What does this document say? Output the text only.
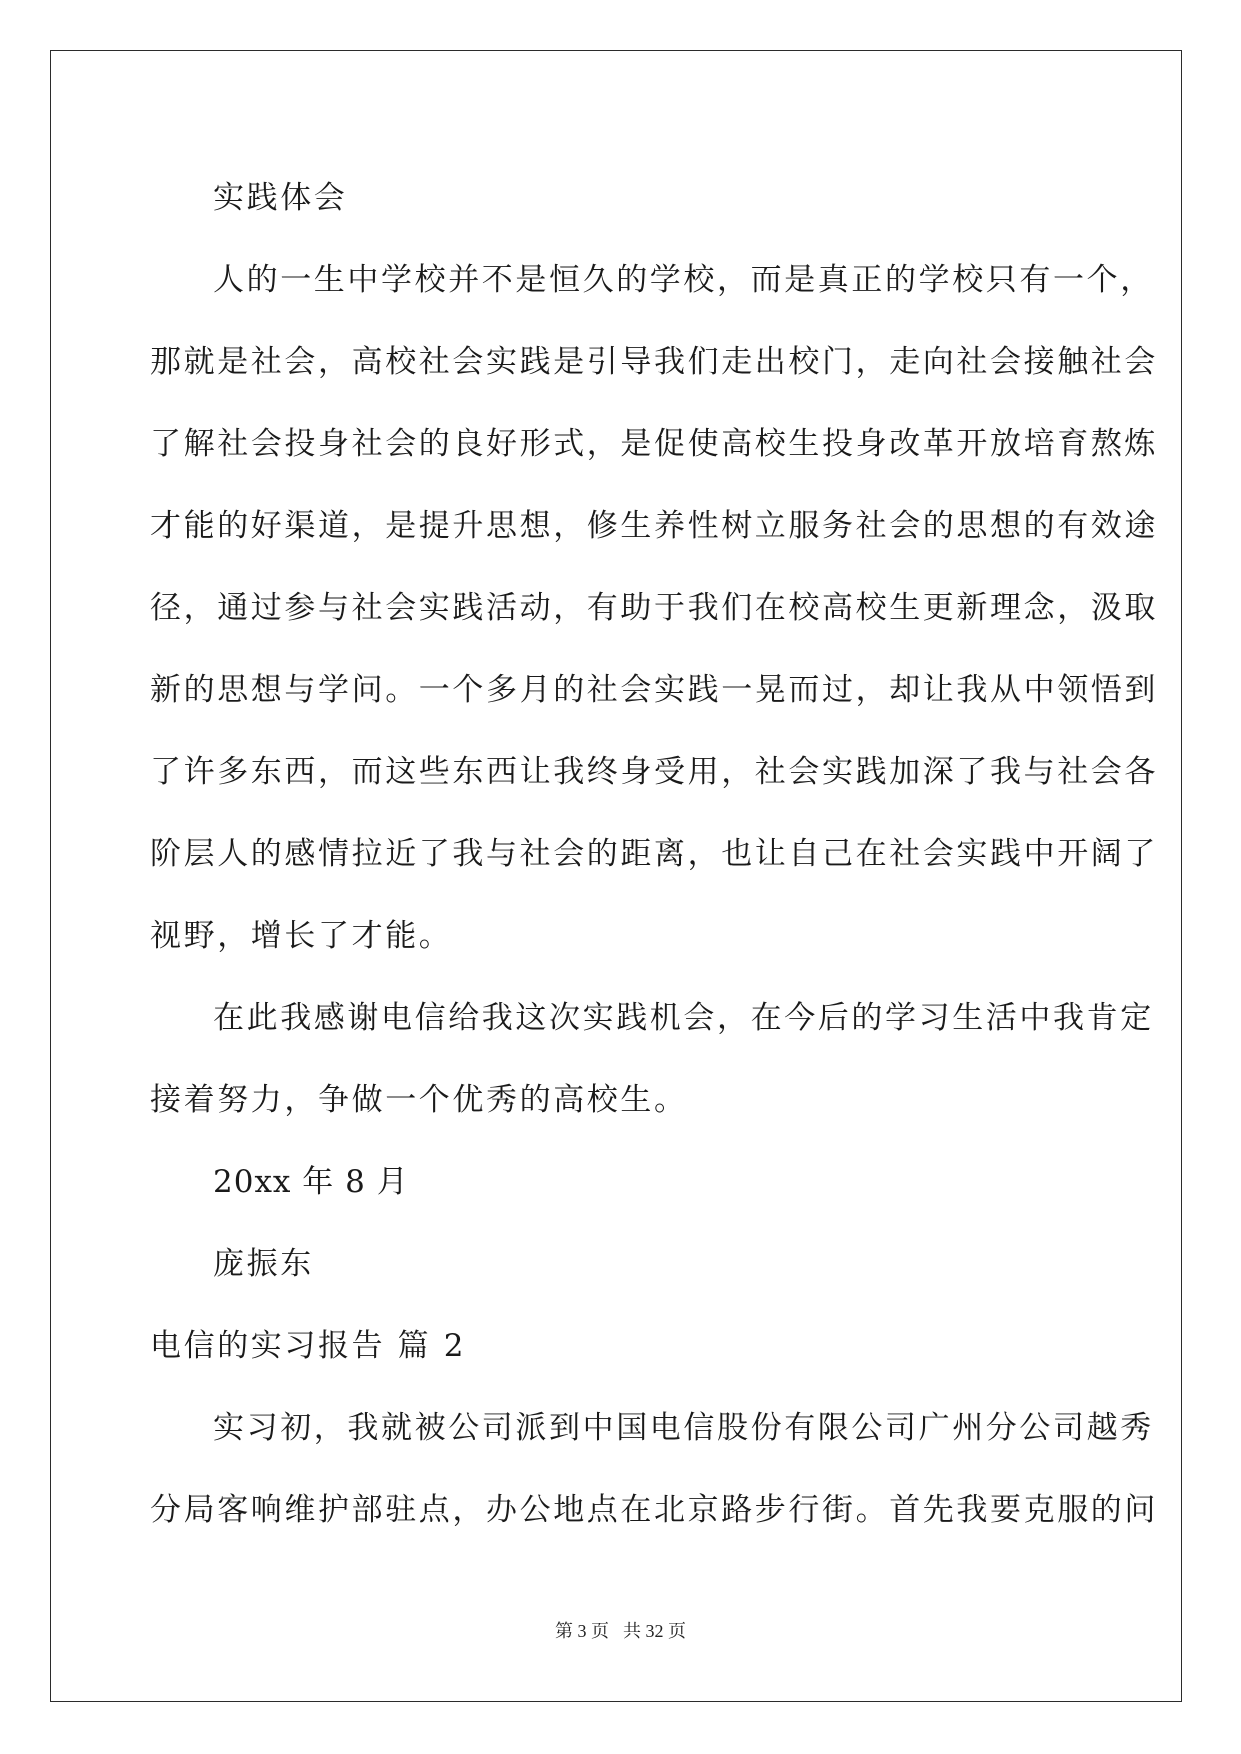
实践体会
人的一生中学校并不是恒久的学校，而是真正的学校只有一个，
那就是社会，高校社会实践是引导我们走出校门，走向社会接触社会
了解社会投身社会的良好形式，是促使高校生投身改革开放培育熬炼
才能的好渠道，是提升思想，修生养性树立服务社会的思想的有效途
径，通过参与社会实践活动，有助于我们在校高校生更新理念，汲取
新的思想与学问。一个多月的社会实践一晃而过，却让我从中领悟到
了许多东西，而这些东西让我终身受用，社会实践加深了我与社会各
阶层人的感情拉近了我与社会的距离，也让自己在社会实践中开阔了
视野，增长了才能。
在此我感谢电信给我这次实践机会，在今后的学习生活中我肯定
接着努力，争做一个优秀的高校生。
20xx 年 8 月
庞振东
电信的实习报告 篇 2
实习初，我就被公司派到中国电信股份有限公司广州分公司越秀
分局客响维护部驻点，办公地点在北京路步行街。首先我要克服的问
第 3 页 共 32 页
